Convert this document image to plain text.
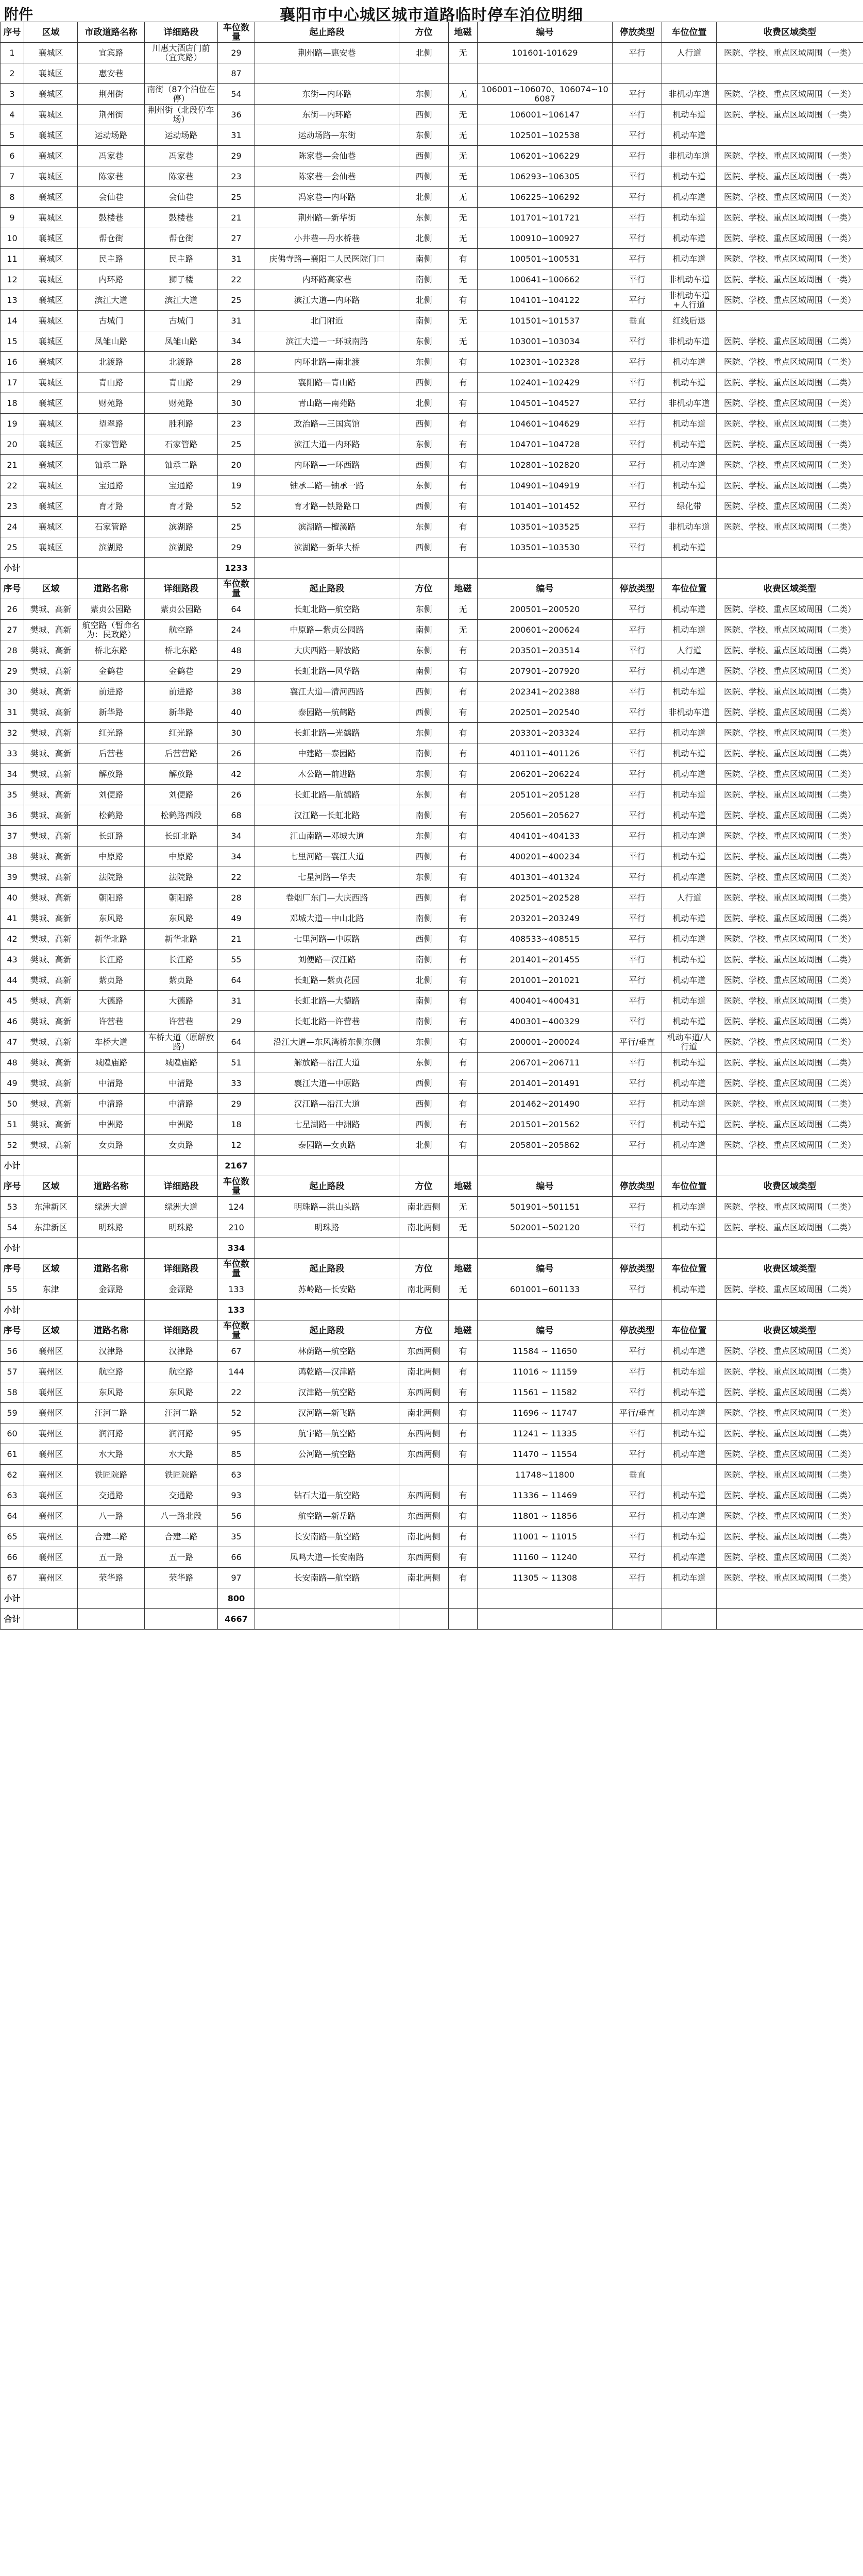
附件	襄阳市中心城区城市道路临时停车泊位明细
序号	区域	市政道路名称	详细路段	车位数量	起止路段	方位	地磁	编号	停放类型	车位位置	收费区域类型
1	襄城区	宜宾路	川惠大酒店门前（宜宾路）	29	荆州路—惠安巷	北侧	无	101601-101629	平行	人行道	医院、学校、重点区域周围（一类）
2	襄城区	惠安巷		87							
3	襄城区	荆州街	南街（87个泊位在停）	54	东街—内环路	东侧	无	106001~106070、106074~106087	平行	非机动车道	医院、学校、重点区域周围（一类）
4	襄城区	荆州街	荆州街（北段停车场）	36	东街—内环路	西侧	无	106001~106147	平行	机动车道	医院、学校、重点区域周围（一类）
5	襄城区	运动场路	运动场路	31	运动场路—东街	东侧	无	102501~102538	平行	机动车道	
6	襄城区	冯家巷	冯家巷	29	陈家巷—会仙巷	西侧	无	106201~106229	平行	非机动车道	医院、学校、重点区域周围（一类）
7	襄城区	陈家巷	陈家巷	23	陈家巷—会仙巷	西侧	无	106293~106305	平行	机动车道	医院、学校、重点区域周围（一类）
8	襄城区	会仙巷	会仙巷	25	冯家巷—内环路	北侧	无	106225~106292	平行	机动车道	医院、学校、重点区域周围（一类）
9	襄城区	鼓楼巷	鼓楼巷	21	荆州路—新华街	东侧	无	101701~101721	平行	机动车道	医院、学校、重点区域周围（一类）
10	襄城区	帮仓街	帮仓街	27	小井巷—丹水桥巷	北侧	无	100910~100927	平行	机动车道	医院、学校、重点区域周围（一类）
11	襄城区	民主路	民主路	31	庆佛寺路—襄阳二人民医院门口	南侧	有	100501~100531	平行	机动车道	医院、学校、重点区域周围（一类）
12	襄城区	内环路	狮子楼	22	内环路高家巷	南侧	无	100641~100662	平行	非机动车道	医院、学校、重点区域周围（一类）
13	襄城区	滨江大道	滨江大道	25	滨江大道—内环路	北侧	有	104101~104122	平行	非机动车道+人行道	医院、学校、重点区域周围（一类）
14	襄城区	古城门	古城门	31	北门附近	南侧	无	101501~101537	垂直	红线后退	
15	襄城区	凤雏山路	凤雏山路	34	滨江大道—一环城南路	东侧	无	103001~103034	平行	非机动车道	医院、学校、重点区域周围（二类）
16	襄城区	北渡路	北渡路	28	内环北路—南北渡	东侧	有	102301~102328	平行	机动车道	医院、学校、重点区域周围（二类）
17	襄城区	青山路	青山路	29	襄阳路—青山路	西侧	有	102401~102429	平行	机动车道	医院、学校、重点区域周围（二类）
18	襄城区	财苑路	财苑路	30	青山路—南苑路	北侧	有	104501~104527	平行	非机动车道	医院、学校、重点区域周围（一类）
19	襄城区	望翠路	胜利路	23	政治路—三国宾馆	西侧	有	104601~104629	平行	机动车道	医院、学校、重点区域周围（二类）
20	襄城区	石家管路	石家管路	25	滨江大道—内环路	东侧	有	104701~104728	平行	机动车道	医院、学校、重点区域周围（一类）
21	襄城区	铀承二路	铀承二路	20	内环路—一环西路	西侧	有	102801~102820	平行	机动车道	医院、学校、重点区域周围（二类）
22	襄城区	宝通路	宝通路	19	铀承二路—铀承一路	东侧	有	104901~104919	平行	机动车道	医院、学校、重点区域周围（二类）
23	襄城区	育才路	育才路	52	育才路—铁路路口	西侧	有	101401~101452	平行	绿化带	医院、学校、重点区域周围（二类）
24	襄城区	石家管路	滨湖路	25	滨湖路—檀溪路	东侧	有	103501~103525	平行	非机动车道	医院、学校、重点区域周围（二类）
25	襄城区	滨湖路	滨湖路	29	滨湖路—新华大桥	西侧	有	103501~103530	平行	机动车道	
小计				1233							
序号	区域	道路名称	详细路段	车位数量	起止路段	方位	地磁	编号	停放类型	车位位置	收费区域类型
26	樊城、高新	紫贞公园路	紫贞公园路	64	长虹北路—航空路	东侧	无	200501~200520	平行	机动车道	医院、学校、重点区域周围（二类）
27	樊城、高新	航空路（暂命名为：民政路）	航空路	24	中原路—紫贞公园路	南侧	无	200601~200624	平行	机动车道	医院、学校、重点区域周围（二类）
28	樊城、高新	桥北东路	桥北东路	48	大庆西路—解放路	东侧	有	203501~203514	平行	人行道	医院、学校、重点区域周围（二类）
29	樊城、高新	金鹤巷	金鹤巷	29	长虹北路—风华路	南侧	有	207901~207920	平行	机动车道	医院、学校、重点区域周围（二类）
30	樊城、高新	前进路	前进路	38	襄江大道—清河西路	西侧	有	202341~202388	平行	机动车道	医院、学校、重点区域周围（二类）
31	樊城、高新	新华路	新华路	40	泰园路—航鹤路	西侧	有	202501~202540	平行	非机动车道	医院、学校、重点区域周围（二类）
32	樊城、高新	红光路	红光路	30	长虹北路—光鹤路	东侧	有	203301~203324	平行	机动车道	医院、学校、重点区域周围（二类）
33	樊城、高新	后营巷	后营营路	26	中建路—泰园路	南侧	有	401101~401126	平行	机动车道	医院、学校、重点区域周围（二类）
34	樊城、高新	解放路	解放路	42	木公路—前进路	东侧	有	206201~206224	平行	机动车道	医院、学校、重点区域周围（二类）
35	樊城、高新	刘便路	刘便路	26	长虹北路—航鹤路	东侧	有	205101~205128	平行	机动车道	医院、学校、重点区域周围（二类）
36	樊城、高新	松鹤路	松鹤路西段	68	汉江路—长虹北路	南侧	有	205601~205627	平行	机动车道	医院、学校、重点区域周围（二类）
37	樊城、高新	长虹路	长虹北路	34	江山南路—邓城大道	东侧	有	404101~404133	平行	机动车道	医院、学校、重点区域周围（二类）
38	樊城、高新	中原路	中原路	34	七里河路—襄江大道	西侧	有	400201~400234	平行	机动车道	医院、学校、重点区域周围（二类）
39	樊城、高新	法院路	法院路	22	七星河路—华夫	东侧	有	401301~401324	平行	机动车道	医院、学校、重点区域周围（二类）
40	樊城、高新	朝阳路	朝阳路	28	卷烟厂东门—大庆西路	西侧	有	202501~202528	平行	人行道	医院、学校、重点区域周围（二类）
41	樊城、高新	东风路	东风路	49	邓城大道—中山北路	南侧	有	203201~203249	平行	机动车道	医院、学校、重点区域周围（二类）
42	樊城、高新	新华北路	新华北路	21	七里河路—中原路	西侧	有	408533~408515	平行	机动车道	医院、学校、重点区域周围（二类）
43	樊城、高新	长江路	长江路	55	刘便路—汉江路	南侧	有	201401~201455	平行	机动车道	医院、学校、重点区域周围（二类）
44	樊城、高新	紫贞路	紫贞路	64	长虹路—紫贞花园	北侧	有	201001~201021	平行	机动车道	医院、学校、重点区域周围（二类）
45	樊城、高新	大德路	大德路	31	长虹北路—大德路	南侧	有	400401~400431	平行	机动车道	医院、学校、重点区域周围（二类）
46	樊城、高新	许营巷	许营巷	29	长虹北路—许营巷	南侧	有	400301~400329	平行	机动车道	医院、学校、重点区域周围（二类）
47	樊城、高新	车桥大道	车桥大道（原解放路）	64	沿江大道—东风湾桥东侧东侧	东侧	有	200001~200024	平行/垂直	机动车道/人行道	医院、学校、重点区域周围（二类）
48	樊城、高新	城隍庙路	城隍庙路	51	解放路—沿江大道	东侧	有	206701~206711	平行	机动车道	医院、学校、重点区域周围（二类）
49	樊城、高新	中清路	中清路	33	襄江大道—中原路	西侧	有	201401~201491	平行	机动车道	医院、学校、重点区域周围（二类）
50	樊城、高新	中清路	中清路	29	汉江路—沿江大道	西侧	有	201462~201490	平行	机动车道	医院、学校、重点区域周围（二类）
51	樊城、高新	中洲路	中洲路	18	七星湖路—中洲路	西侧	有	201501~201562	平行	机动车道	医院、学校、重点区域周围（二类）
52	樊城、高新	女贞路	女贞路	12	泰园路—女贞路	北侧	有	205801~205862	平行	机动车道	医院、学校、重点区域周围（二类）
小计				2167							
序号	区域	道路名称	详细路段	车位数量	起止路段	方位	地磁	编号	停放类型	车位位置	收费区域类型
53	东津新区	绿洲大道	绿洲大道	124	明珠路—洪山头路	南北西侧	无	501901~501151	平行	机动车道	医院、学校、重点区域周围（二类）
54	东津新区	明珠路	明珠路	210	明珠路	南北两侧	无	502001~502120	平行	机动车道	医院、学校、重点区域周围（二类）
小计				334							
序号	区域	道路名称	详细路段	车位数量	起止路段	方位	地磁	编号	停放类型	车位位置	收费区域类型
55	东津	金源路	金源路	133	苏岭路—长安路	南北两侧	无	601001~601133	平行	机动车道	医院、学校、重点区域周围（二类）
小计				133							
序号	区域	道路名称	详细路段	车位数量	起止路段	方位	地磁	编号	停放类型	车位位置	收费区域类型
56	襄州区	汉津路	汉津路	67	林荫路—航空路	东西两侧	有	11584 ~ 11650	平行	机动车道	医院、学校、重点区域周围（二类）
57	襄州区	航空路	航空路	144	鸿乾路—汉津路	南北两侧	有	11016 ~ 11159	平行	机动车道	医院、学校、重点区域周围（二类）
58	襄州区	东风路	东风路	22	汉津路—航空路	东西两侧	有	11561 ~ 11582	平行	机动车道	医院、学校、重点区域周围（二类）
59	襄州区	汪河二路	汪河二路	52	汉河路—新飞路	南北两侧	有	11696 ~ 11747	平行/垂直	机动车道	医院、学校、重点区域周围（二类）
60	襄州区	润河路	润河路	95	航宇路—航空路	东西两侧	有	11241 ~ 11335	平行	机动车道	医院、学校、重点区域周围（二类）
61	襄州区	水大路	水大路	85	公河路—航空路	东西两侧	有	11470 ~ 11554	平行	机动车道	医院、学校、重点区域周围（二类）
62	襄州区	铁匠院路	铁匠院路	63				11748~11800	垂直		医院、学校、重点区域周围（二类）
63	襄州区	交通路	交通路	93	钻石大道—航空路	东西两侧	有	11336 ~ 11469	平行	机动车道	医院、学校、重点区域周围（二类）
64	襄州区	八一路	八一路北段	56	航空路—新岳路	东西两侧	有	11801 ~ 11856	平行	机动车道	医院、学校、重点区域周围（二类）
65	襄州区	合建二路	合建二路	35	长安南路—航空路	南北两侧	有	11001 ~ 11015	平行	机动车道	医院、学校、重点区域周围（二类）
66	襄州区	五一路	五一路	66	凤鸣大道—长安南路	东西两侧	有	11160 ~ 11240	平行	机动车道	医院、学校、重点区域周围（二类）
67	襄州区	荣华路	荣华路	97	长安南路—航空路	南北两侧	有	11305 ~ 11308	平行	机动车道	医院、学校、重点区域周围（二类）
小计				800							
合计				4667							
